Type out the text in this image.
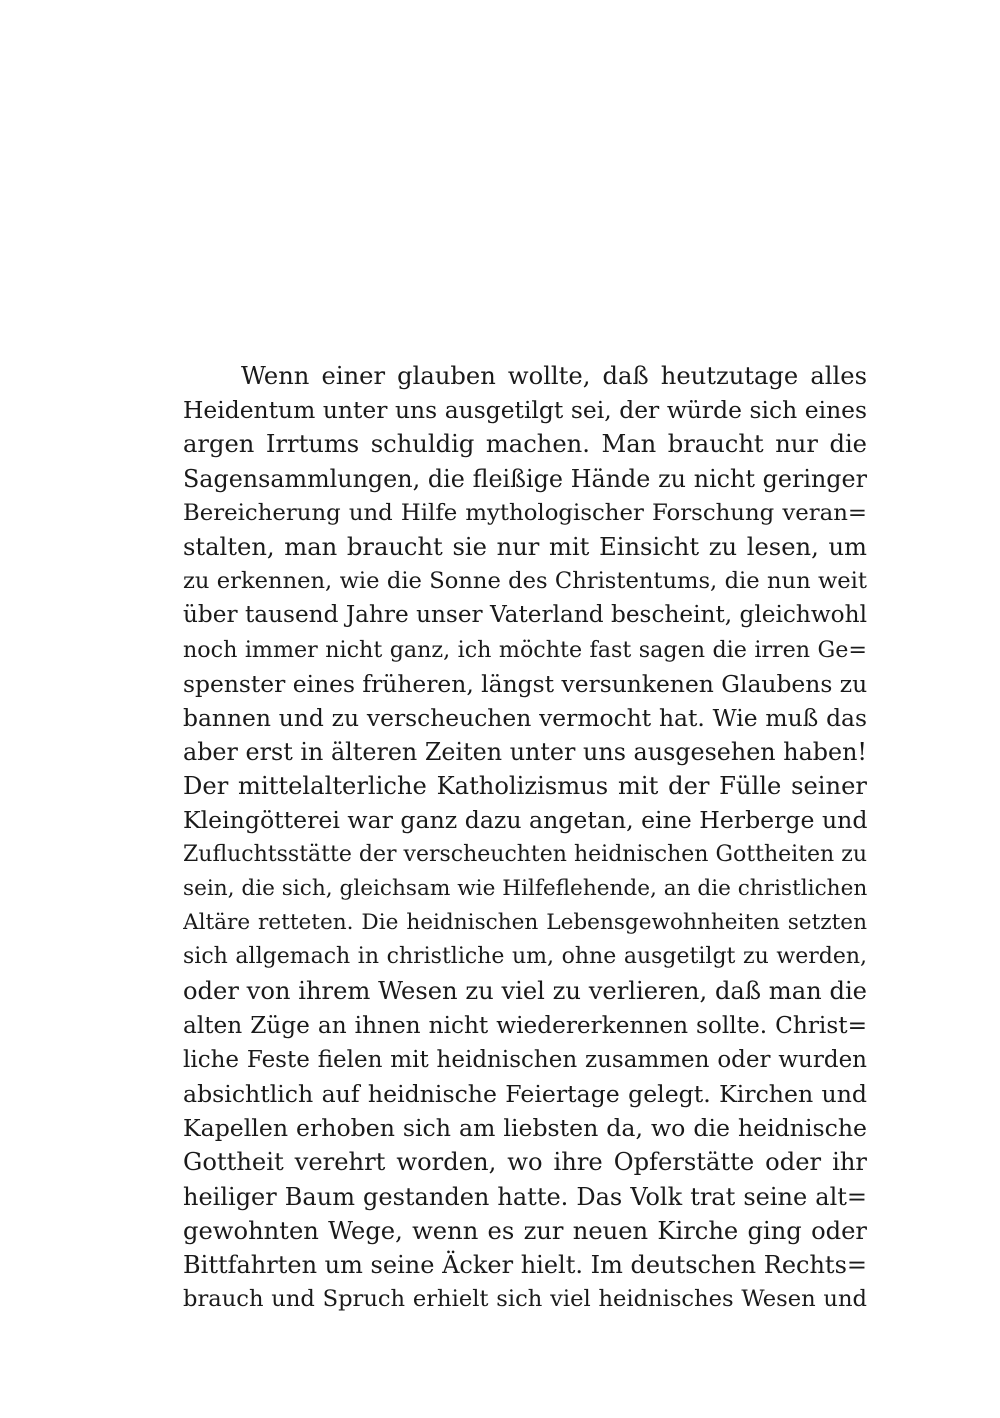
Wenn einer glauben wollte, daß heutzutage alles
Heidentum unter uns ausgetilgt sei, der würde sich eines
argen Irrtums schuldig machen. Man braucht nur die
Sagensammlungen, die fleißige Hände zu nicht geringer
Bereicherung und Hilfe mythologischer Forschung veran=
stalten, man braucht sie nur mit Einsicht zu lesen, um
zu erkennen, wie die Sonne des Christentums, die nun weit
über tausend Jahre unser Vaterland bescheint, gleichwohl
noch immer nicht ganz, ich möchte fast sagen die irren Ge=
spenster eines früheren, längst versunkenen Glaubens zu
bannen und zu verscheuchen vermocht hat. Wie muß das
aber erst in älteren Zeiten unter uns ausgesehen haben!
Der mittelalterliche Katholizismus mit der Fülle seiner
Kleingötterei war ganz dazu angetan, eine Herberge und
Zufluchtsstätte der verscheuchten heidnischen Gottheiten zu
sein, die sich, gleichsam wie Hilfeflehende, an die christlichen
Altäre retteten. Die heidnischen Lebensgewohnheiten setzten
sich allgemach in christliche um, ohne ausgetilgt zu werden,
oder von ihrem Wesen zu viel zu verlieren, daß man die
alten Züge an ihnen nicht wiedererkennen sollte. Christ=
liche Feste fielen mit heidnischen zusammen oder wurden
absichtlich auf heidnische Feiertage gelegt. Kirchen und
Kapellen erhoben sich am liebsten da, wo die heidnische
Gottheit verehrt worden, wo ihre Opferstätte oder ihr
heiliger Baum gestanden hatte. Das Volk trat seine alt=
gewohnten Wege, wenn es zur neuen Kirche ging oder
Bittfahrten um seine Äcker hielt. Im deutschen Rechts=
brauch und Spruch erhielt sich viel heidnisches Wesen und
